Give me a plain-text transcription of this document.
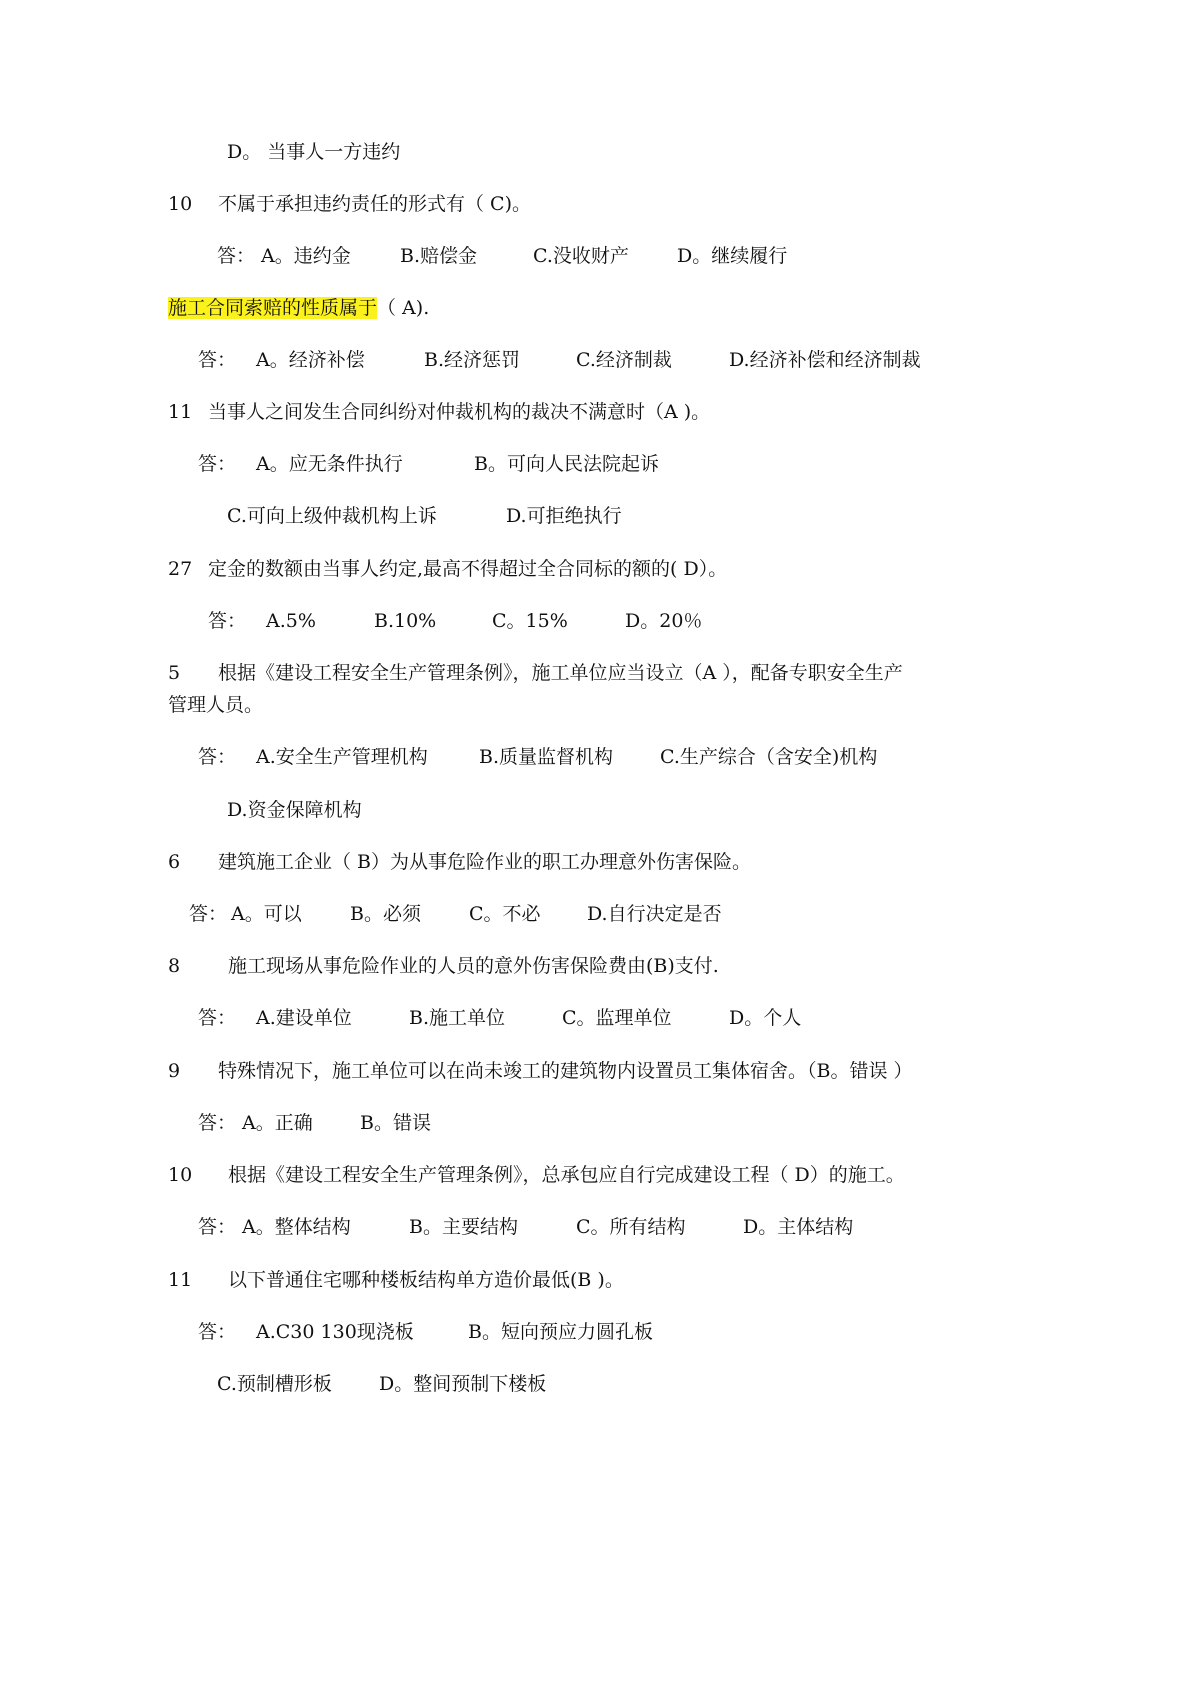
D。 当事人一方违约
10 不属于承担违约责任的形式有（ C)。
答： A。违约金	B.赔偿金	C.没收财产	D。继续履行
施工合同索赔的性质属于（ A).
答： A。经济补偿	B.经济惩罚	C.经济制裁	D.经济补偿和经济制裁
11 当事人之间发生合同纠纷对仲裁机构的裁决不满意时（A )。
答： A。应无条件执行	B。可向人民法院起诉
C.可向上级仲裁机构上诉	D.可拒绝执行
27 定金的数额由当事人约定,最高不得超过全合同标的额的( D）。
答： A.5%	B.10%	C。15%	D。20％
5 根据《建设工程安全生产管理条例》，施工单位应当设立（A ），配备专职安全生产
管理人员。
答： A.安全生产管理机构	B.质量监督机构 C.生产综合（含安全)机构
D.资金保障机构
6 建筑施工企业（ B）为从事危险作业的职工办理意外伤害保险。
答： A。可以	B。必须	C。不必 D.自行决定是否
8	施工现场从事危险作业的人员的意外伤害保险费由(B)支付.
答： A.建设单位	B.施工单位	C。监理单位	D。个人
9 特殊情况下，施工单位可以在尚未竣工的建筑物内设置员工集体宿舍。（B。错误 ）
答： A。正确 B。错误
10 根据《建设工程安全生产管理条例》，总承包应自行完成建设工程（ D）的施工。
答： A。整体结构	B。主要结构	C。所有结构	D。主体结构
11 以下普通住宅哪种楼板结构单方造价最低(B )。
答： A.C30 130现浇板	B。短向预应力圆孔板
C.预制槽形板 D。整间预制下楼板
